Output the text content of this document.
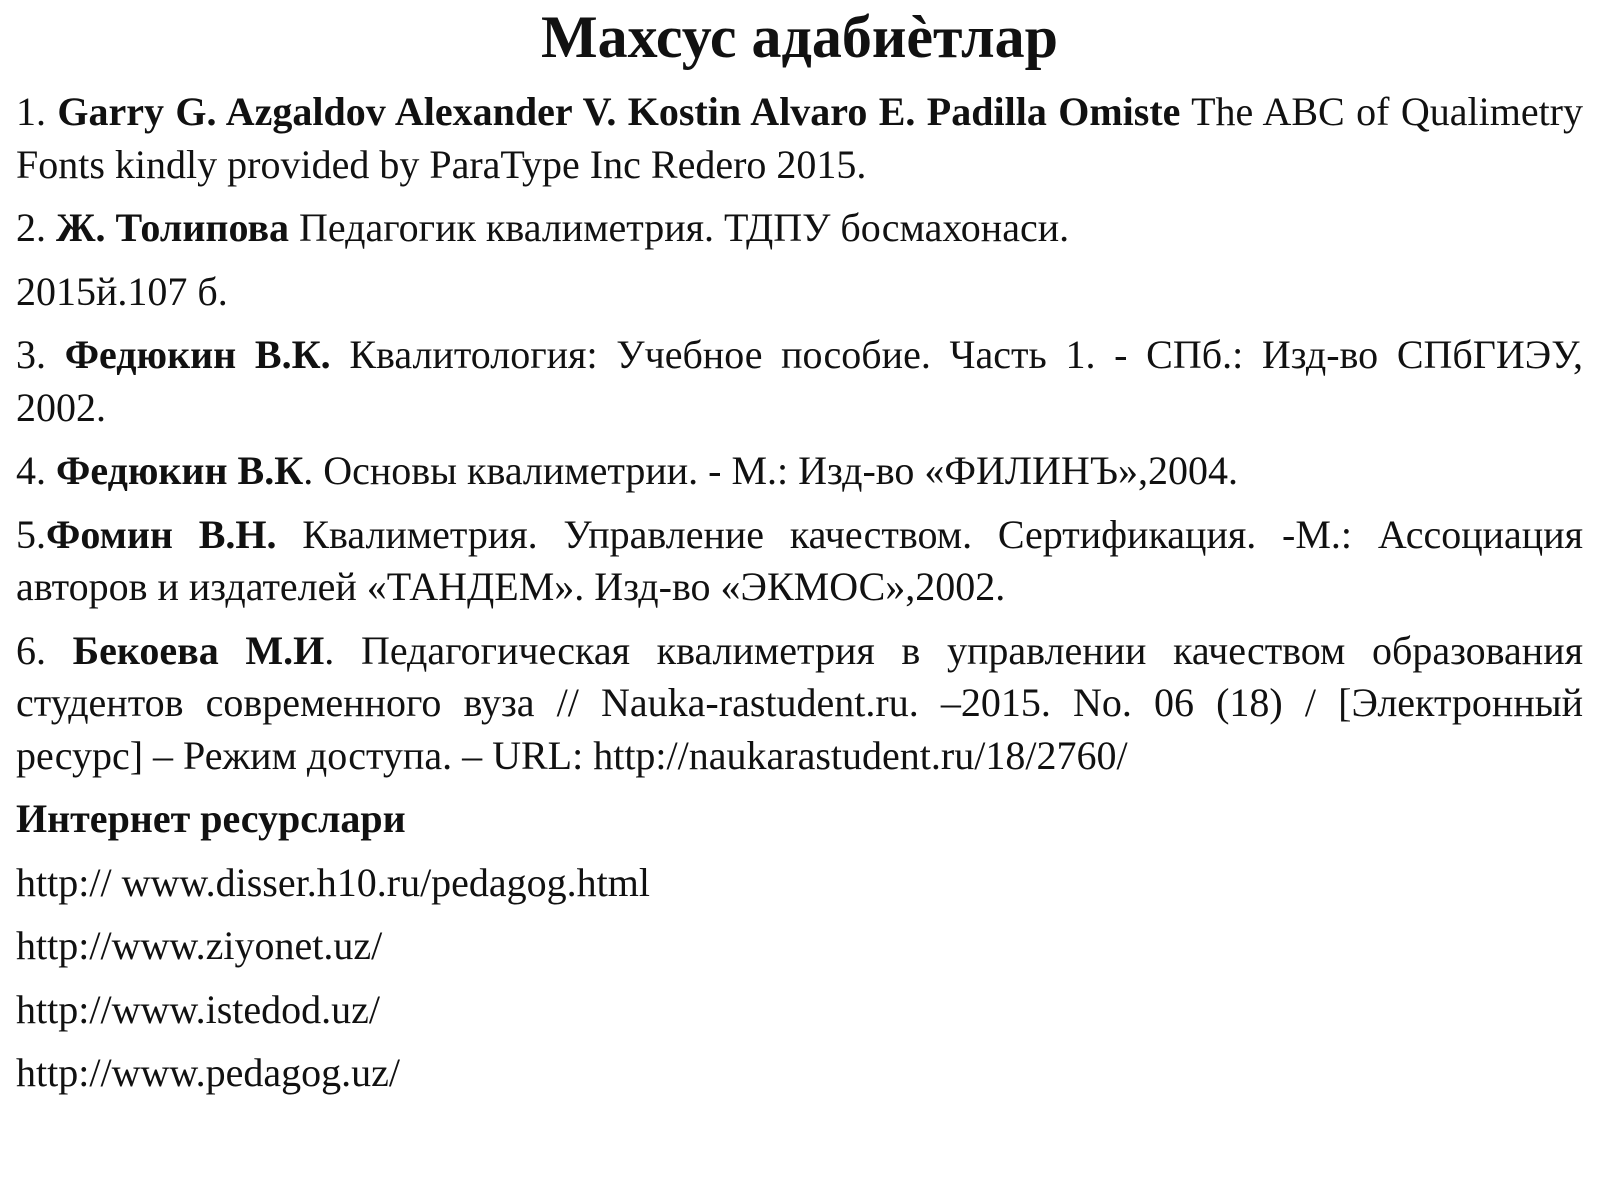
Махсус адабиѐтлар

1. Garry G. Azgaldov Alexander V. Kostin Alvaro E. Padilla Omiste The ABC of Qualimetry Fonts kindly provided by ParaType Inc Redero 2015.

2. Ж. Толипова Педагогик квалиметрия. ТДПУ босмахонаси.

2015й.107 б.

3. Федюкин В.К. Квалитология: Учебное пособие. Часть 1. - СПб.: Изд-во СПбГИЭУ, 2002.

4. Федюкин В.К. Основы квалиметрии. - М.: Изд-во «ФИЛИНЪ»,2004.

5.Фомин В.Н. Квалиметрия. Управление качеством. Сертификация. -М.: Ассоциация авторов и издателей «ТАНДЕМ». Изд-во «ЭКМОС»,2002.

6. Бекоева М.И. Педагогическая квалиметрия в управлении качеством образования студентов современного вуза // Nauka-rastudent.ru. –2015. No. 06 (18) / [Электронный ресурс] – Режим доступа. – URL: http://naukarastudent.ru/18/2760/

Интернет ресурслари

http:// www.disser.h10.ru/pedagog.html

http://www.ziyonet.uz/

http://www.istedod.uz/

http://www.pedagog.uz/
